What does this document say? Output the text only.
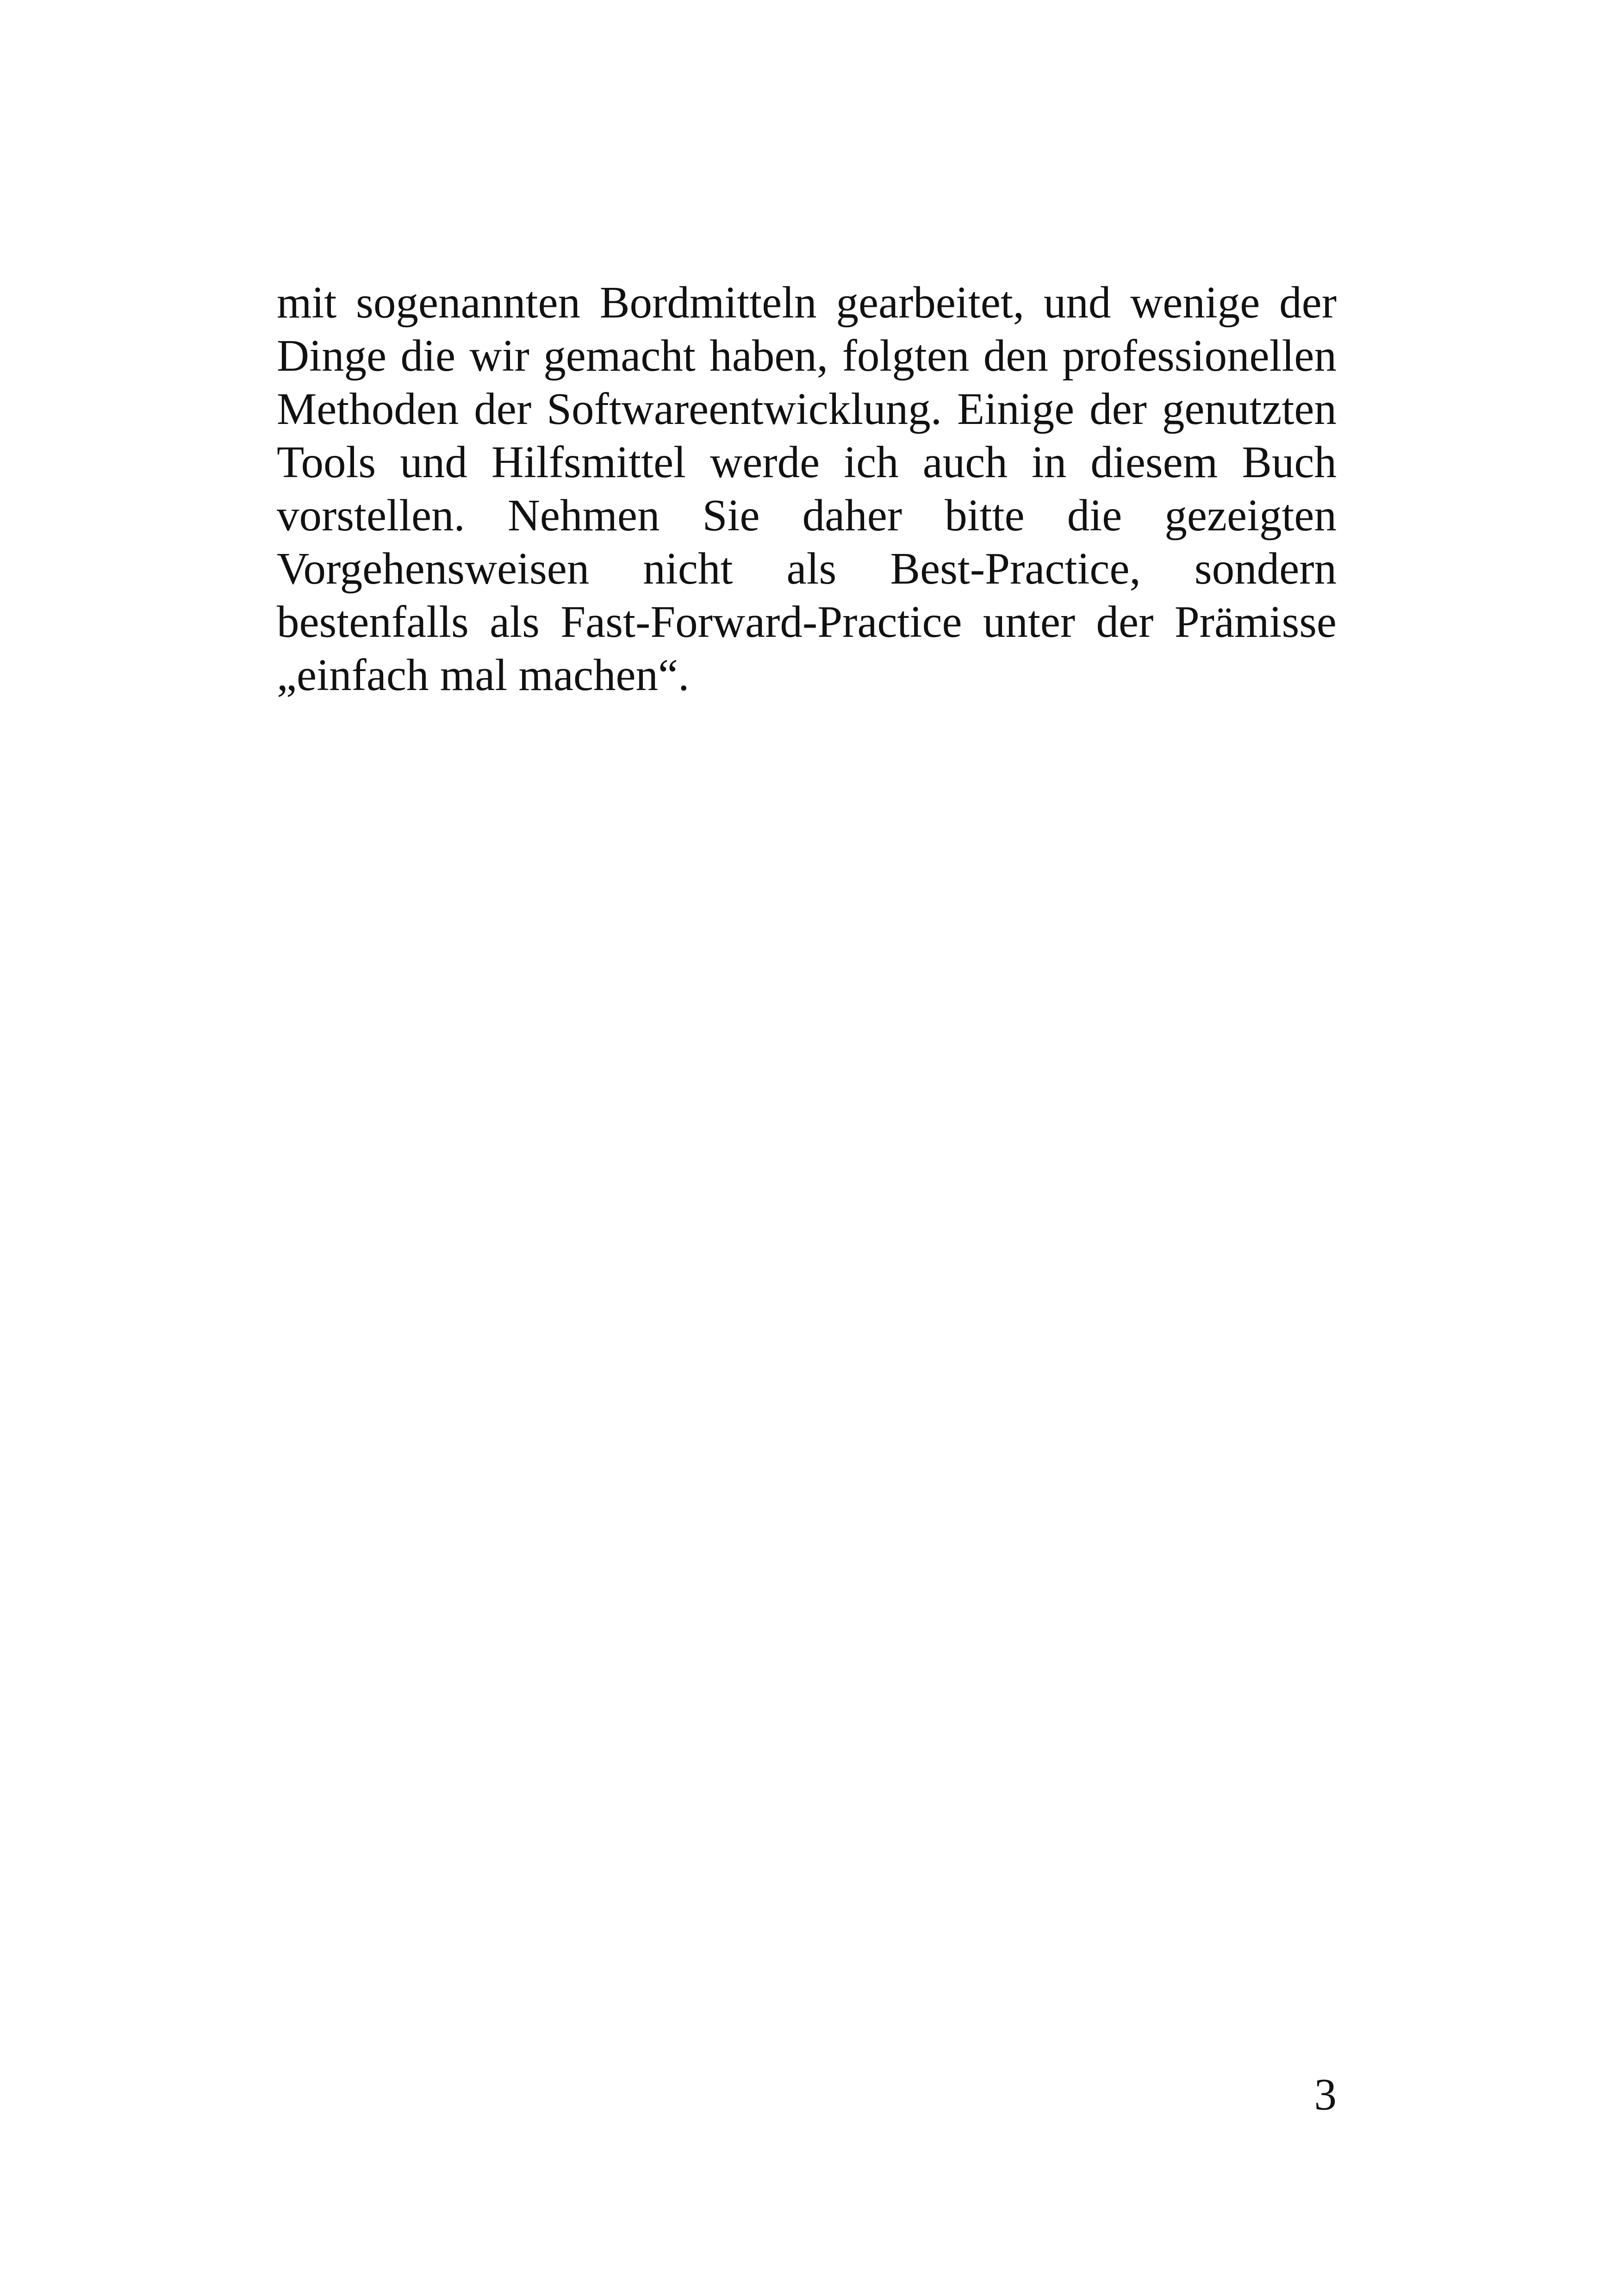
mit sogenannten Bordmitteln gearbeitet, und wenige der
Dinge die wir gemacht haben, folgten den professionellen
Methoden der Softwareentwicklung. Einige der genutzten
Tools und Hilfsmittel werde ich auch in diesem Buch
vorstellen. Nehmen Sie daher bitte die gezeigten
Vorgehensweisen nicht als Best-Practice, sondern
bestenfalls als Fast-Forward-Practice unter der Prämisse
„einfach mal machen“.
3
